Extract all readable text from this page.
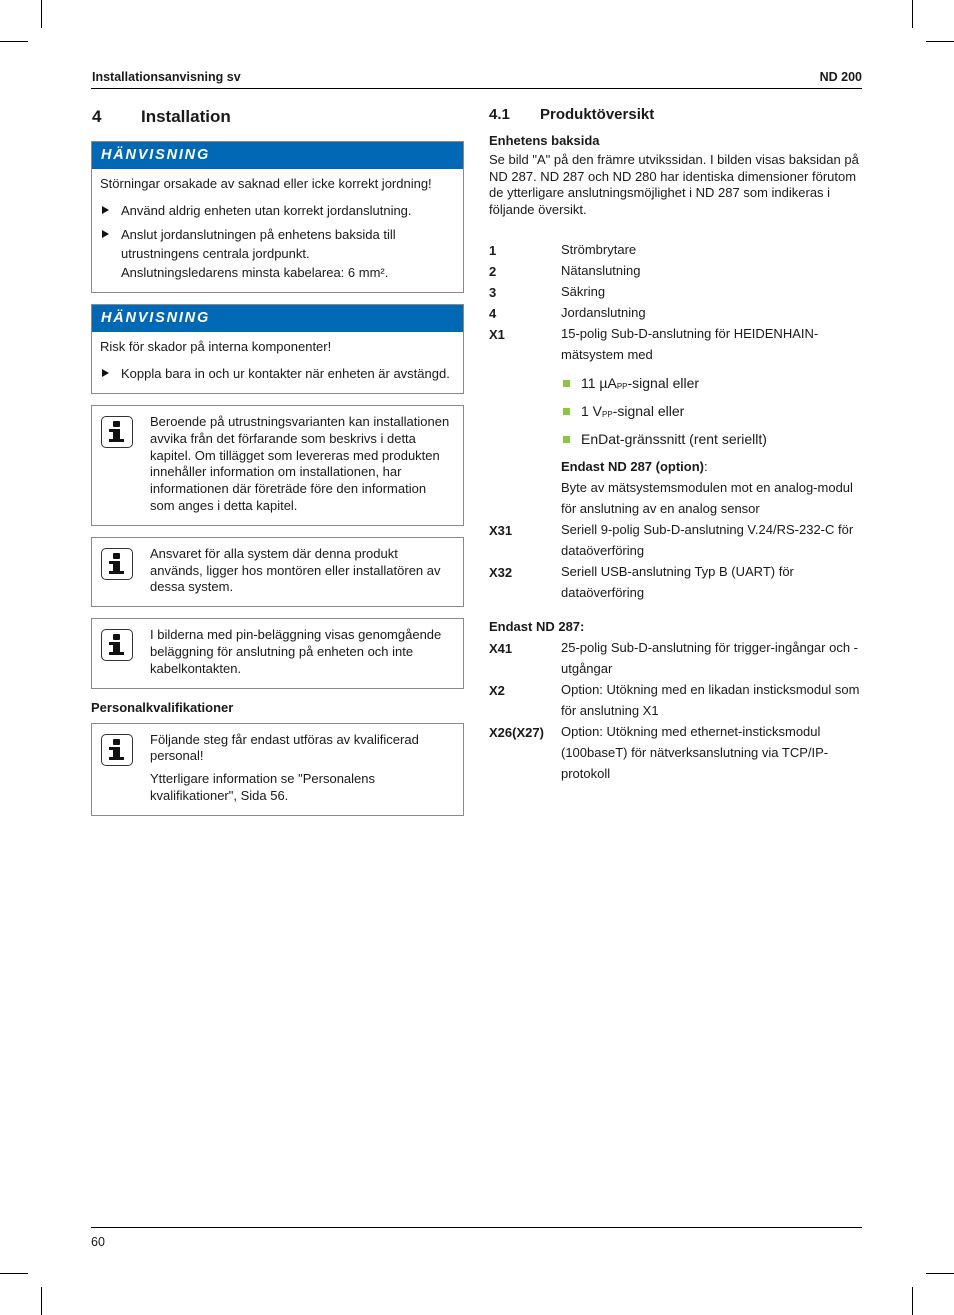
Installationsanvisning sv	ND 200
4 Installation
HÄNVISNING

Störningar orsakade av saknad eller icke korrekt jordning!

Använd aldrig enheten utan korrekt jordanslutning.
Anslut jordanslutningen på enhetens baksida till utrustningens centrala jordpunkt.
Anslutningsledarens minsta kabelarea: 6 mm².
HÄNVISNING

Risk för skador på interna komponenter!

Koppla bara in och ur kontakter när enheten är avstängd.

Beroende på utrustningsvarianten kan installationen avvika från det förfarande som beskrivs i detta kapitel. Om tillägget som levereras med produkten innehåller information om installationen, har informationen där företräde före den information som anges i detta kapitel.

Ansvaret för alla system där denna produkt används, ligger hos montören eller installatören av dessa system.

I bilderna med pin-beläggning visas genomgående beläggning för anslutning på enheten och inte kabelkontakten.

Personalkvalifikationer

Följande steg får endast utföras av kvalificerad personal!

Ytterligare information se "Personalens kvalifikationer", Sida 56.

4.1 Produktöversikt
Enhetens baksida

Se bild "A" på den främre utvikssidan. I bilden visas baksidan på ND 287. ND 287 och ND 280 har identiska dimensioner förutom de ytterligare anslutningsmöjlighet i ND 287 som indikeras i följande översikt.

1	Strömbrytare
2	Nätanslutning
3	Säkring
4	Jordanslutning
X1	15-polig Sub-D-anslutning för HEIDENHAIN-mätsystem med
11 µA$_{PP}$-signal eller
1 $V_{PP}$-signal eller
EnDat-gränssnitt (rent seriellt)
Endast ND 287 (option):
Byte av mätsystemsmodulen mot en analog-modul för anslutning av en analog sensor
X31	Seriell 9-polig Sub-D-anslutning V.24/RS-232-C för dataöverföring
X32	Seriell USB-anslutning Typ B (UART) för dataöverföring
Endast ND 287:
X41	25-polig Sub-D-anslutning för trigger-ingångar och -utgångar
X2	Option: Utökning med en likadan insticksmodul som för anslutning X1
X26(X27) Option: Utökning med ethernet-insticksmodul (100baseT) för nätverksanslutning via TCP/IP-protokoll
60
